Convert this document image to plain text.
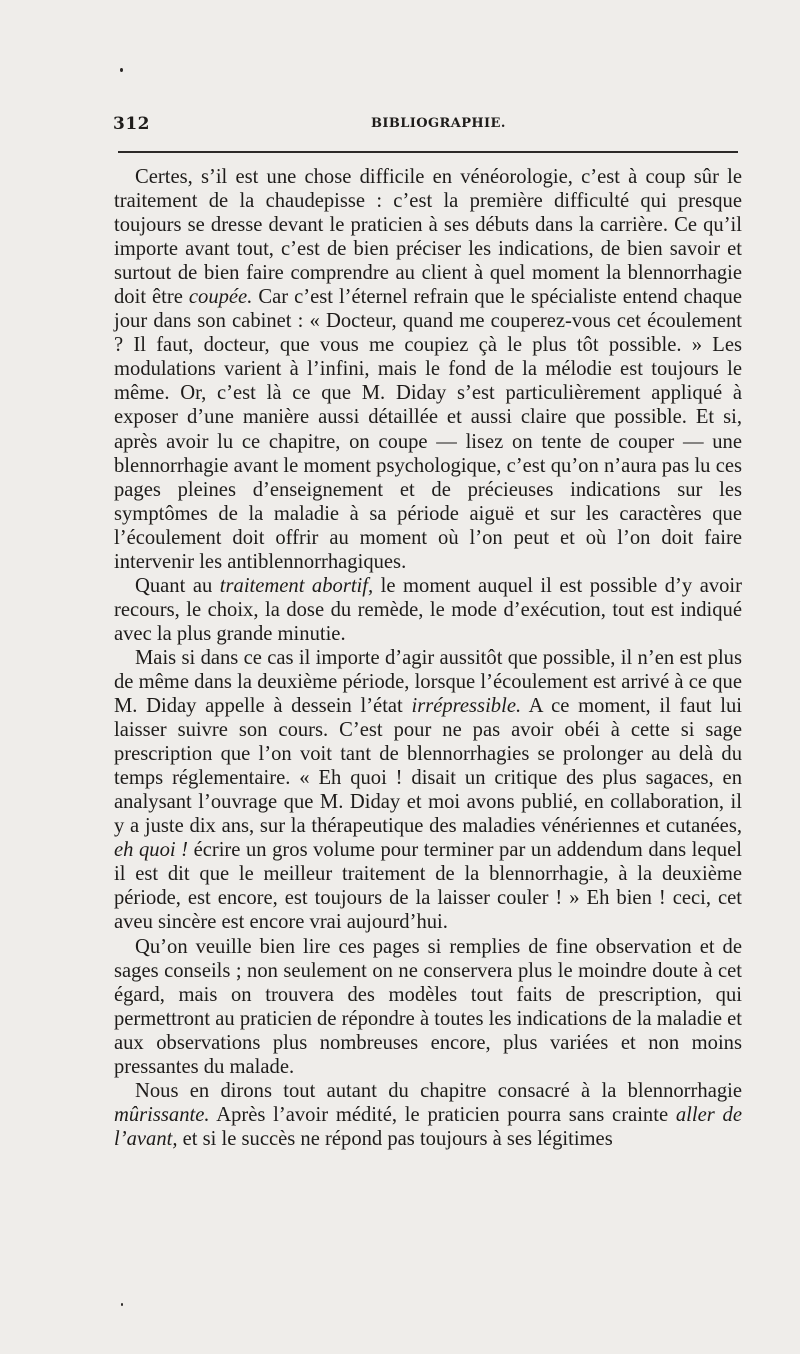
312	BIBLIOGRAPHIE.

Certes, s’il est une chose difficile en vénéorologie, c’est à coup sûr le traitement de la chaudepisse : c’est la première difficulté qui presque toujours se dresse devant le praticien à ses débuts dans la carrière. Ce qu’il importe avant tout, c’est de bien préciser les indications, de bien savoir et surtout de bien faire comprendre au client à quel moment la blennorrhagie doit être coupée. Car c’est l’éternel refrain que le spécialiste entend chaque jour dans son cabinet : « Docteur, quand me couperez-vous cet écoulement ? Il faut, docteur, que vous me coupiez çà le plus tôt possible. » Les modulations varient à l’infini, mais le fond de la mélodie est toujours le même. Or, c’est là ce que M. Diday s’est particulièrement appliqué à exposer d’une manière aussi détaillée et aussi claire que possible. Et si, après avoir lu ce chapitre, on coupe — lisez on tente de couper — une blennorrhagie avant le moment psychologique, c’est qu’on n’aura pas lu ces pages pleines d’enseignement et de précieuses indications sur les symptômes de la maladie à sa période aiguë et sur les caractères que l’écoulement doit offrir au moment où l’on peut et où l’on doit faire intervenir les antiblennorrhagiques.

Quant au traitement abortif, le moment auquel il est possible d’y avoir recours, le choix, la dose du remède, le mode d’exécution, tout est indiqué avec la plus grande minutie.

Mais si dans ce cas il importe d’agir aussitôt que possible, il n’en est plus de même dans la deuxième période, lorsque l’écoulement est arrivé à ce que M. Diday appelle à dessein l’état irrépressible. A ce moment, il faut lui laisser suivre son cours. C’est pour ne pas avoir obéi à cette si sage prescription que l’on voit tant de blennorrhagies se prolonger au delà du temps réglementaire. « Eh quoi ! disait un critique des plus sagaces, en analysant l’ouvrage que M. Diday et moi avons publié, en collaboration, il y a juste dix ans, sur la thérapeutique des maladies vénériennes et cutanées, eh quoi ! écrire un gros volume pour terminer par un addendum dans lequel il est dit que le meilleur traitement de la blennorrhagie, à la deuxième période, est encore, est toujours de la laisser couler ! » Eh bien ! ceci, cet aveu sincère est encore vrai aujourd’hui.

Qu’on veuille bien lire ces pages si remplies de fine observation et de sages conseils ; non seulement on ne conservera plus le moindre doute à cet égard, mais on trouvera des modèles tout faits de prescription, qui permettront au praticien de répondre à toutes les indications de la maladie et aux observations plus nombreuses encore, plus variées et non moins pressantes du malade.

Nous en dirons tout autant du chapitre consacré à la blennorrhagie mûrissante. Après l’avoir médité, le praticien pourra sans crainte aller de l’avant, et si le succès ne répond pas toujours à ses légitimes
